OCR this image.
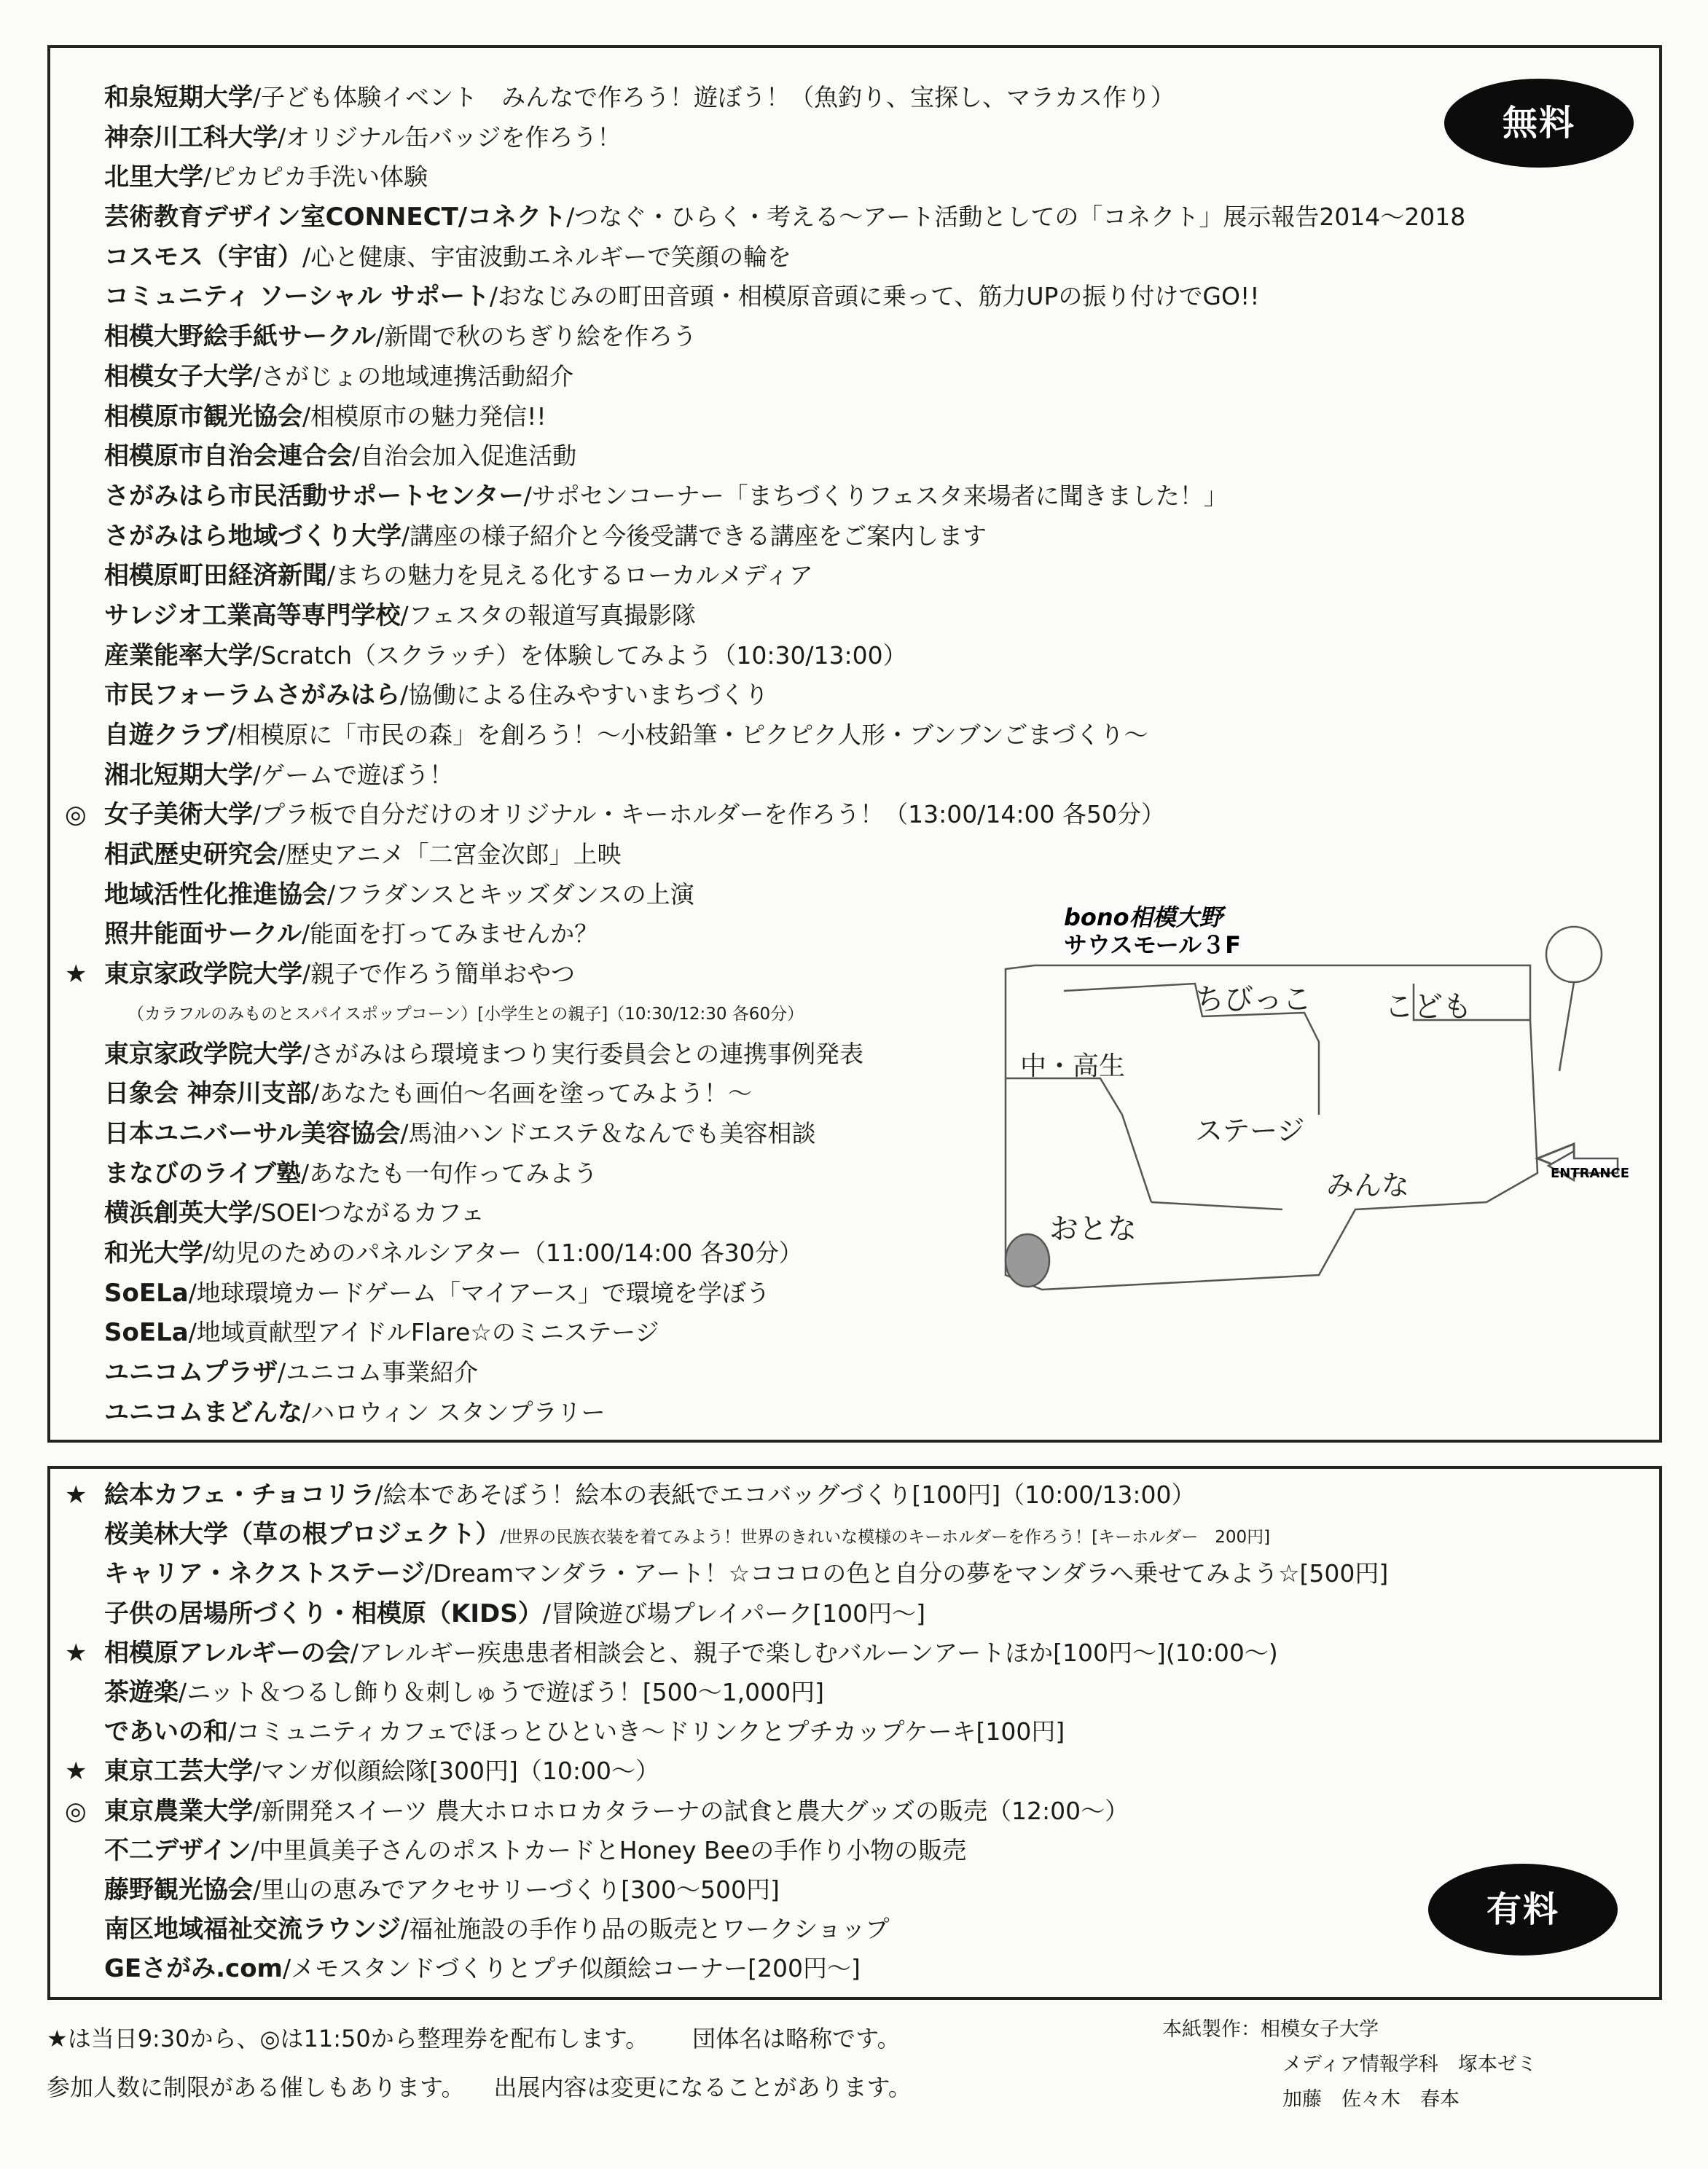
無料
和泉短期大学/子ども体験イベント　みんなで作ろう！遊ぼう！（魚釣り、宝探し、マラカス作り）
神奈川工科大学/オリジナル缶バッジを作ろう！
北里大学/ピカピカ手洗い体験
芸術教育デザイン室CONNECT/コネクト/つなぐ・ひらく・考える～アート活動としての「コネクト」展示報告2014～2018
コスモス（宇宙）/心と健康、宇宙波動エネルギーで笑顔の輪を
コミュニティ ソーシャル サポート/おなじみの町田音頭・相模原音頭に乗って、筋力UPの振り付けでGO!!
相模大野絵手紙サークル/新聞で秋のちぎり絵を作ろう
相模女子大学/さがじょの地域連携活動紹介
相模原市観光協会/相模原市の魅力発信!!
相模原市自治会連合会/自治会加入促進活動
さがみはら市民活動サポートセンター/サポセンコーナー「まちづくりフェスタ来場者に聞きました！」
さがみはら地域づくり大学/講座の様子紹介と今後受講できる講座をご案内します
相模原町田経済新聞/まちの魅力を見える化するローカルメディア
サレジオ工業高等専門学校/フェスタの報道写真撮影隊
産業能率大学/Scratch（スクラッチ）を体験してみよう（10:30/13:00）
市民フォーラムさがみはら/協働による住みやすいまちづくり
自遊クラブ/相模原に「市民の森」を創ろう！～小枝鉛筆・ピクピク人形・ブンブンごまづくり～
湘北短期大学/ゲームで遊ぼう！
◎ 女子美術大学/プラ板で自分だけのオリジナル・キーホルダーを作ろう！（13:00/14:00 各50分）
相武歴史研究会/歴史アニメ「二宮金次郎」上映
地域活性化推進協会/フラダンスとキッズダンスの上演
照井能面サークル/能面を打ってみませんか？
★ 東京家政学院大学/親子で作ろう簡単おやつ
（カラフルのみものとスパイスポップコーン）[小学生との親子]（10:30/12:30 各60分）
東京家政学院大学/さがみはら環境まつり実行委員会との連携事例発表
日象会 神奈川支部/あなたも画伯～名画を塗ってみよう！～
日本ユニバーサル美容協会/馬油ハンドエステ＆なんでも美容相談
まなびのライブ塾/あなたも一句作ってみよう
横浜創英大学/SOEIつながるカフェ
和光大学/幼児のためのパネルシアター（11:00/14:00 各30分）
SoELa/地球環境カードゲーム「マイアース」で環境を学ぼう
SoELa/地域貢献型アイドルFlare☆のミニステージ
ユニコムプラザ/ユニコム事業紹介
ユニコムまどんな/ハロウィン スタンプラリー
bono相模大野
サウスモール３F
ちびっこ	こども
中・高生
ステージ
みんな
おとな
ENTRANCE
★ 絵本カフェ・チョコリラ/絵本であそぼう！絵本の表紙でエコバッグづくり[100円]（10:00/13:00）
桜美林大学（草の根プロジェクト）/世界の民族衣装を着てみよう！世界のきれいな模様のキーホルダーを作ろう！[キーホルダー　200円]
キャリア・ネクストステージ/Dreamマンダラ・アート！☆ココロの色と自分の夢をマンダラへ乗せてみよう☆[500円]
子供の居場所づくり・相模原（KIDS）/冒険遊び場プレイパーク[100円～]
★ 相模原アレルギーの会/アレルギー疾患患者相談会と、親子で楽しむバルーンアートほか[100円～](10:00～)
茶遊楽/ニット＆つるし飾り＆刺しゅうで遊ぼう！[500～1,000円]
であいの和/コミュニティカフェでほっとひといき～ドリンクとプチカップケーキ[100円]
★ 東京工芸大学/マンガ似顔絵隊[300円]（10:00～）
◎ 東京農業大学/新開発スイーツ 農大ホロホロカタラーナの試食と農大グッズの販売（12:00～）
不二デザイン/中里眞美子さんのポストカードとHoney Beeの手作り小物の販売
藤野観光協会/里山の恵みでアクセサリーづくり[300～500円]
南区地域福祉交流ラウンジ/福祉施設の手作り品の販売とワークショップ
GEさがみ.com/メモスタンドづくりとプチ似顔絵コーナー[200円～]
有料
★は当日9:30から、◎は11:50から整理券を配布します。 団体名は略称です。
参加人数に制限がある催しもあります。 出展内容は変更になることがあります。
本紙製作：相模女子大学
メディア情報学科　塚本ゼミ
加藤　佐々木　春本
